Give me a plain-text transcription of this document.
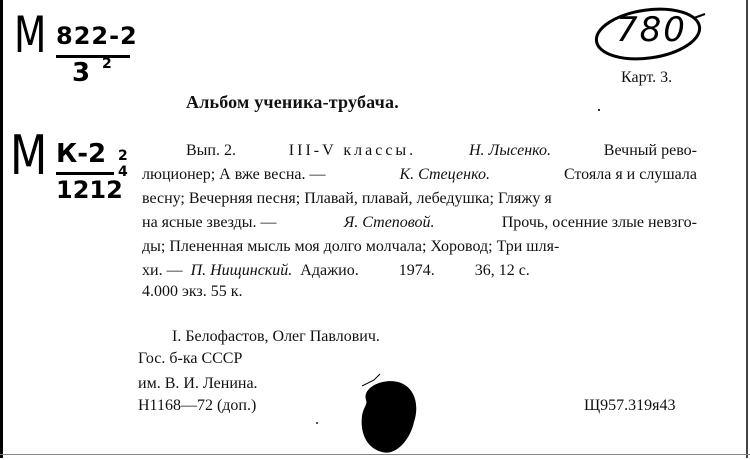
М 822-2
3 2
М К-2 2
4
1212
780
Карт. 3.
Альбом ученика-трубача.
Вып. 2.	III-V классы.	Н. Лысенко.	Вечный рево-
люционер; А вже весна. —	К. Стеценко.	Стояла я и слушала
весну; Вечерняя песня; Плавай, плавай, лебедушка; Гляжу я
на ясные звезды. —	Я. Степовой.	Прочь, осенние злые невзго-
ды; Плененная мысль моя долго молчала; Хоровод; Три шля-
хи. — П. Нищинский. Адажио.	1974.	36, 12 с.
4.000 экз. 55 к.
I. Белофастов, Олег Павлович.
Гос. б-ка СССР
им. В. И. Ленина.
Н1168—72 (доп.)	Щ957.319я43
